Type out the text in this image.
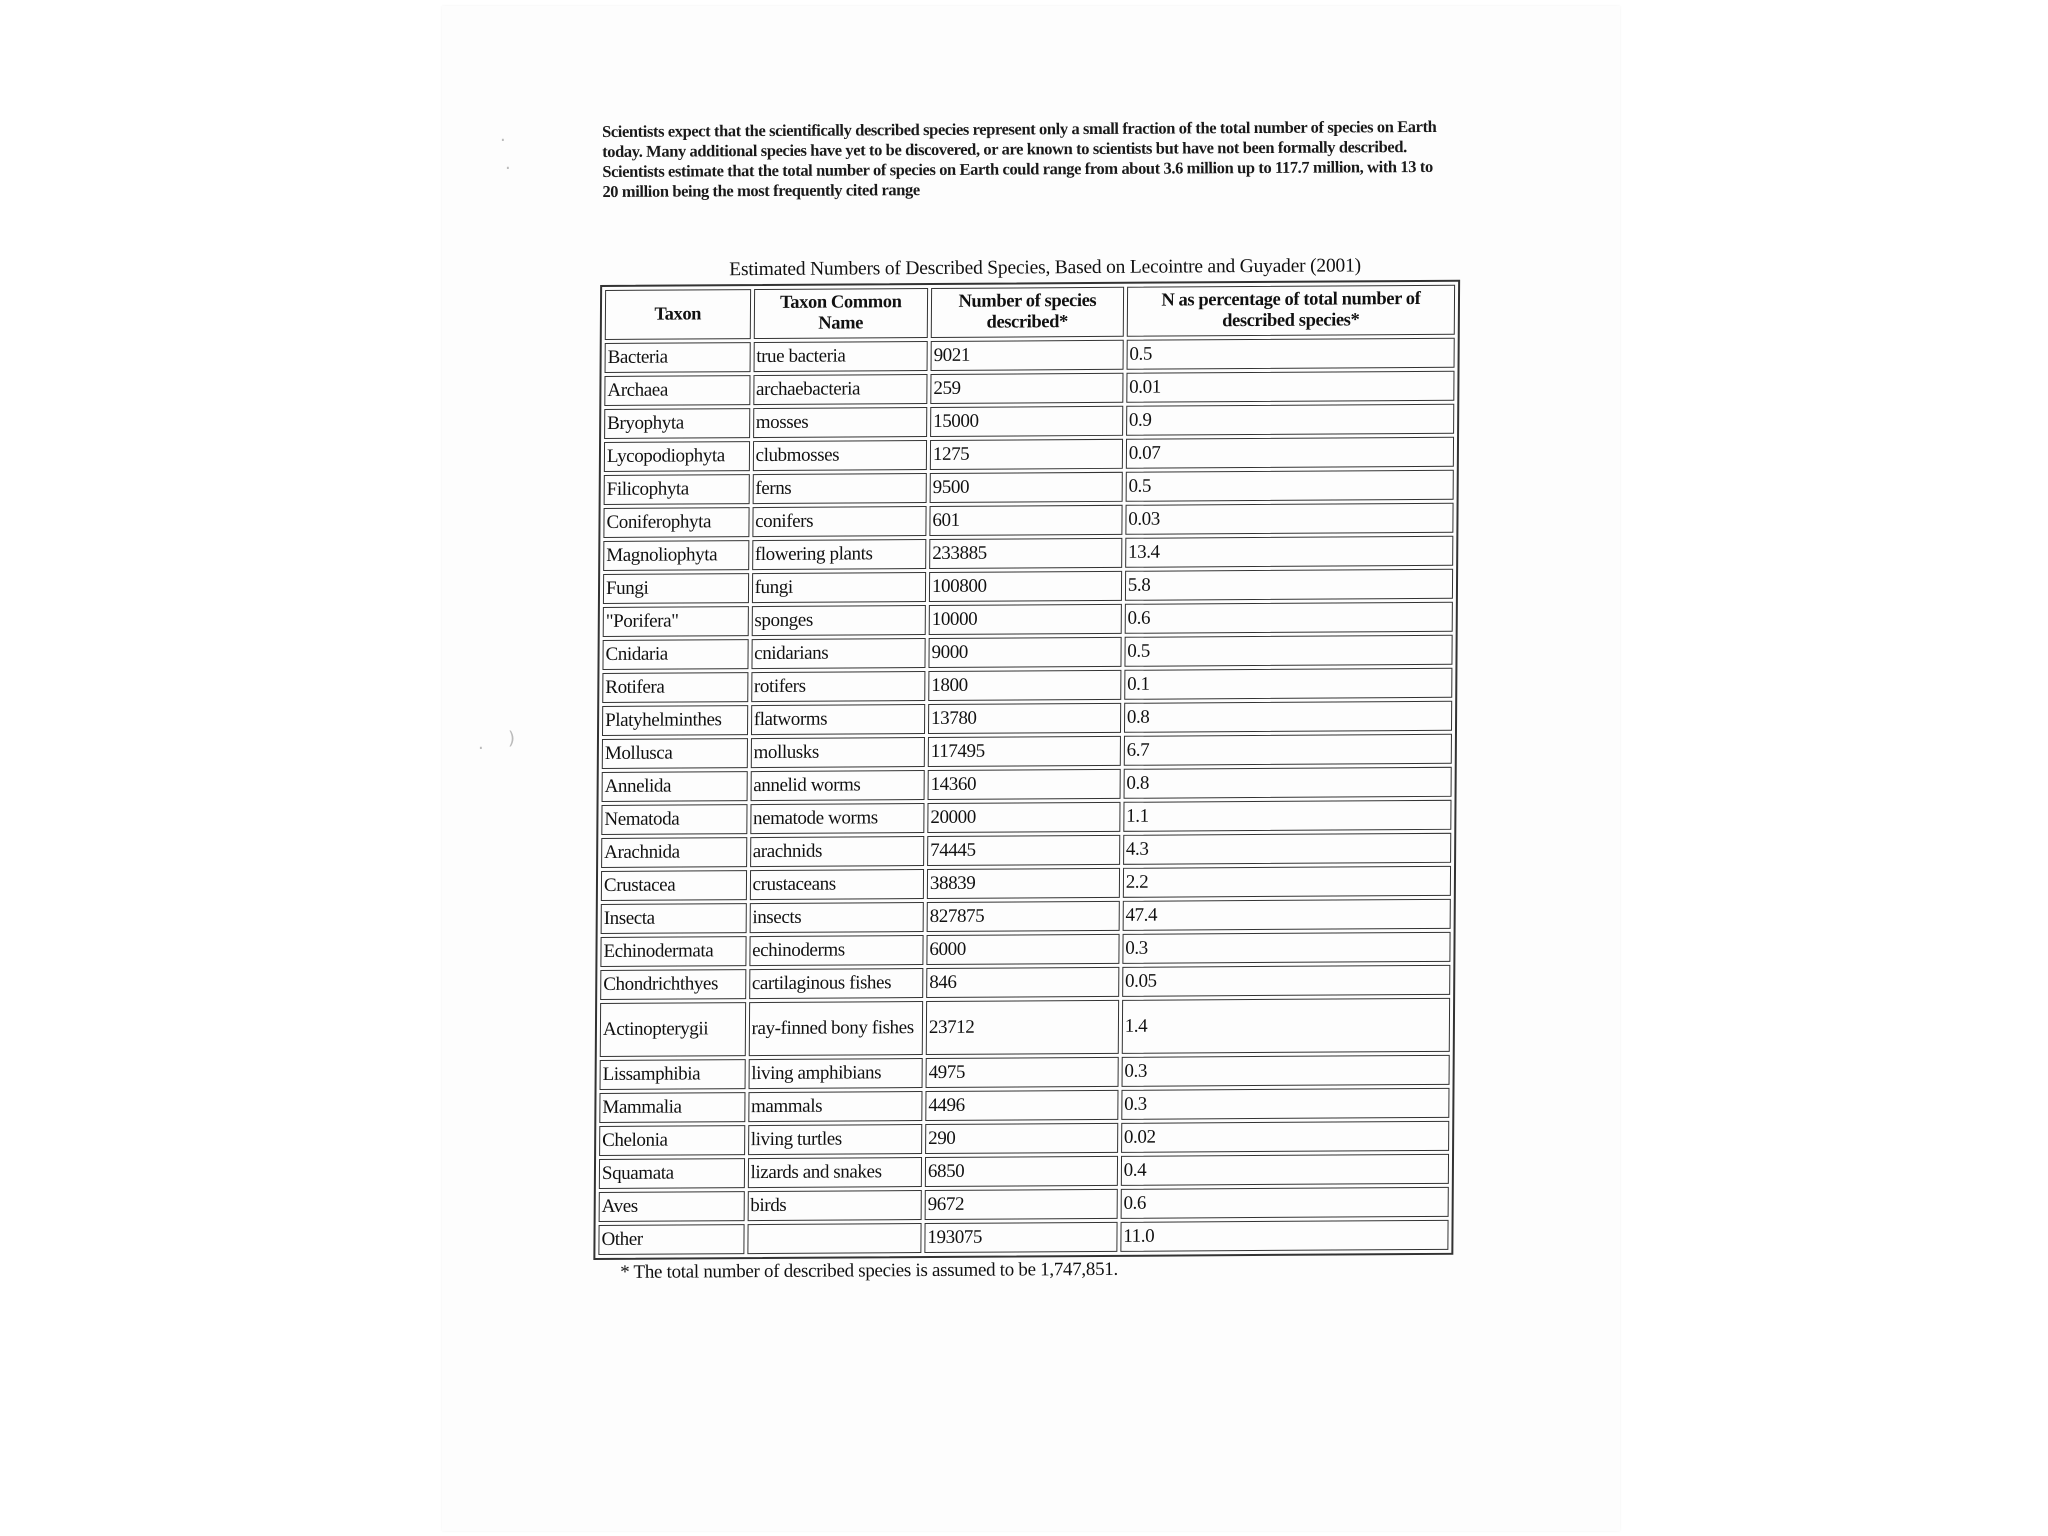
·
·
· )
Scientists expect that the scientifically described species represent only a small fraction of the total number of species on Earth today. Many additional species have yet to be discovered, or are known to scientists but have not been formally described. Scientists estimate that the total number of species on Earth could range from about 3.6 million up to 117.7 million, with 13 to 20 million being the most frequently cited range
Estimated Numbers of Described Species, Based on Lecointre and Guyader (2001)
Taxon	Taxon Common Name	Number of species described*	N as percentage of total number of described species*
Bacteria	true bacteria	9021	0.5
Archaea	archaebacteria	259	0.01
Bryophyta	mosses	15000	0.9
Lycopodiophyta	clubmosses	1275	0.07
Filicophyta	ferns	9500	0.5
Coniferophyta	conifers	601	0.03
Magnoliophyta	flowering plants	233885	13.4
Fungi	fungi	100800	5.8
"Porifera"	sponges	10000	0.6
Cnidaria	cnidarians	9000	0.5
Rotifera	rotifers	1800	0.1
Platyhelminthes	flatworms	13780	0.8
Mollusca	mollusks	117495	6.7
Annelida	annelid worms	14360	0.8
Nematoda	nematode worms	20000	1.1
Arachnida	arachnids	74445	4.3
Crustacea	crustaceans	38839	2.2
Insecta	insects	827875	47.4
Echinodermata	echinoderms	6000	0.3
Chondrichthyes	cartilaginous fishes	846	0.05
Actinopterygii	ray-finned bony fishes	23712	1.4
Lissamphibia	living amphibians	4975	0.3
Mammalia	mammals	4496	0.3
Chelonia	living turtles	290	0.02
Squamata	lizards and snakes	6850	0.4
Aves	birds	9672	0.6
Other		193075	11.0
* The total number of described species is assumed to be 1,747,851.
